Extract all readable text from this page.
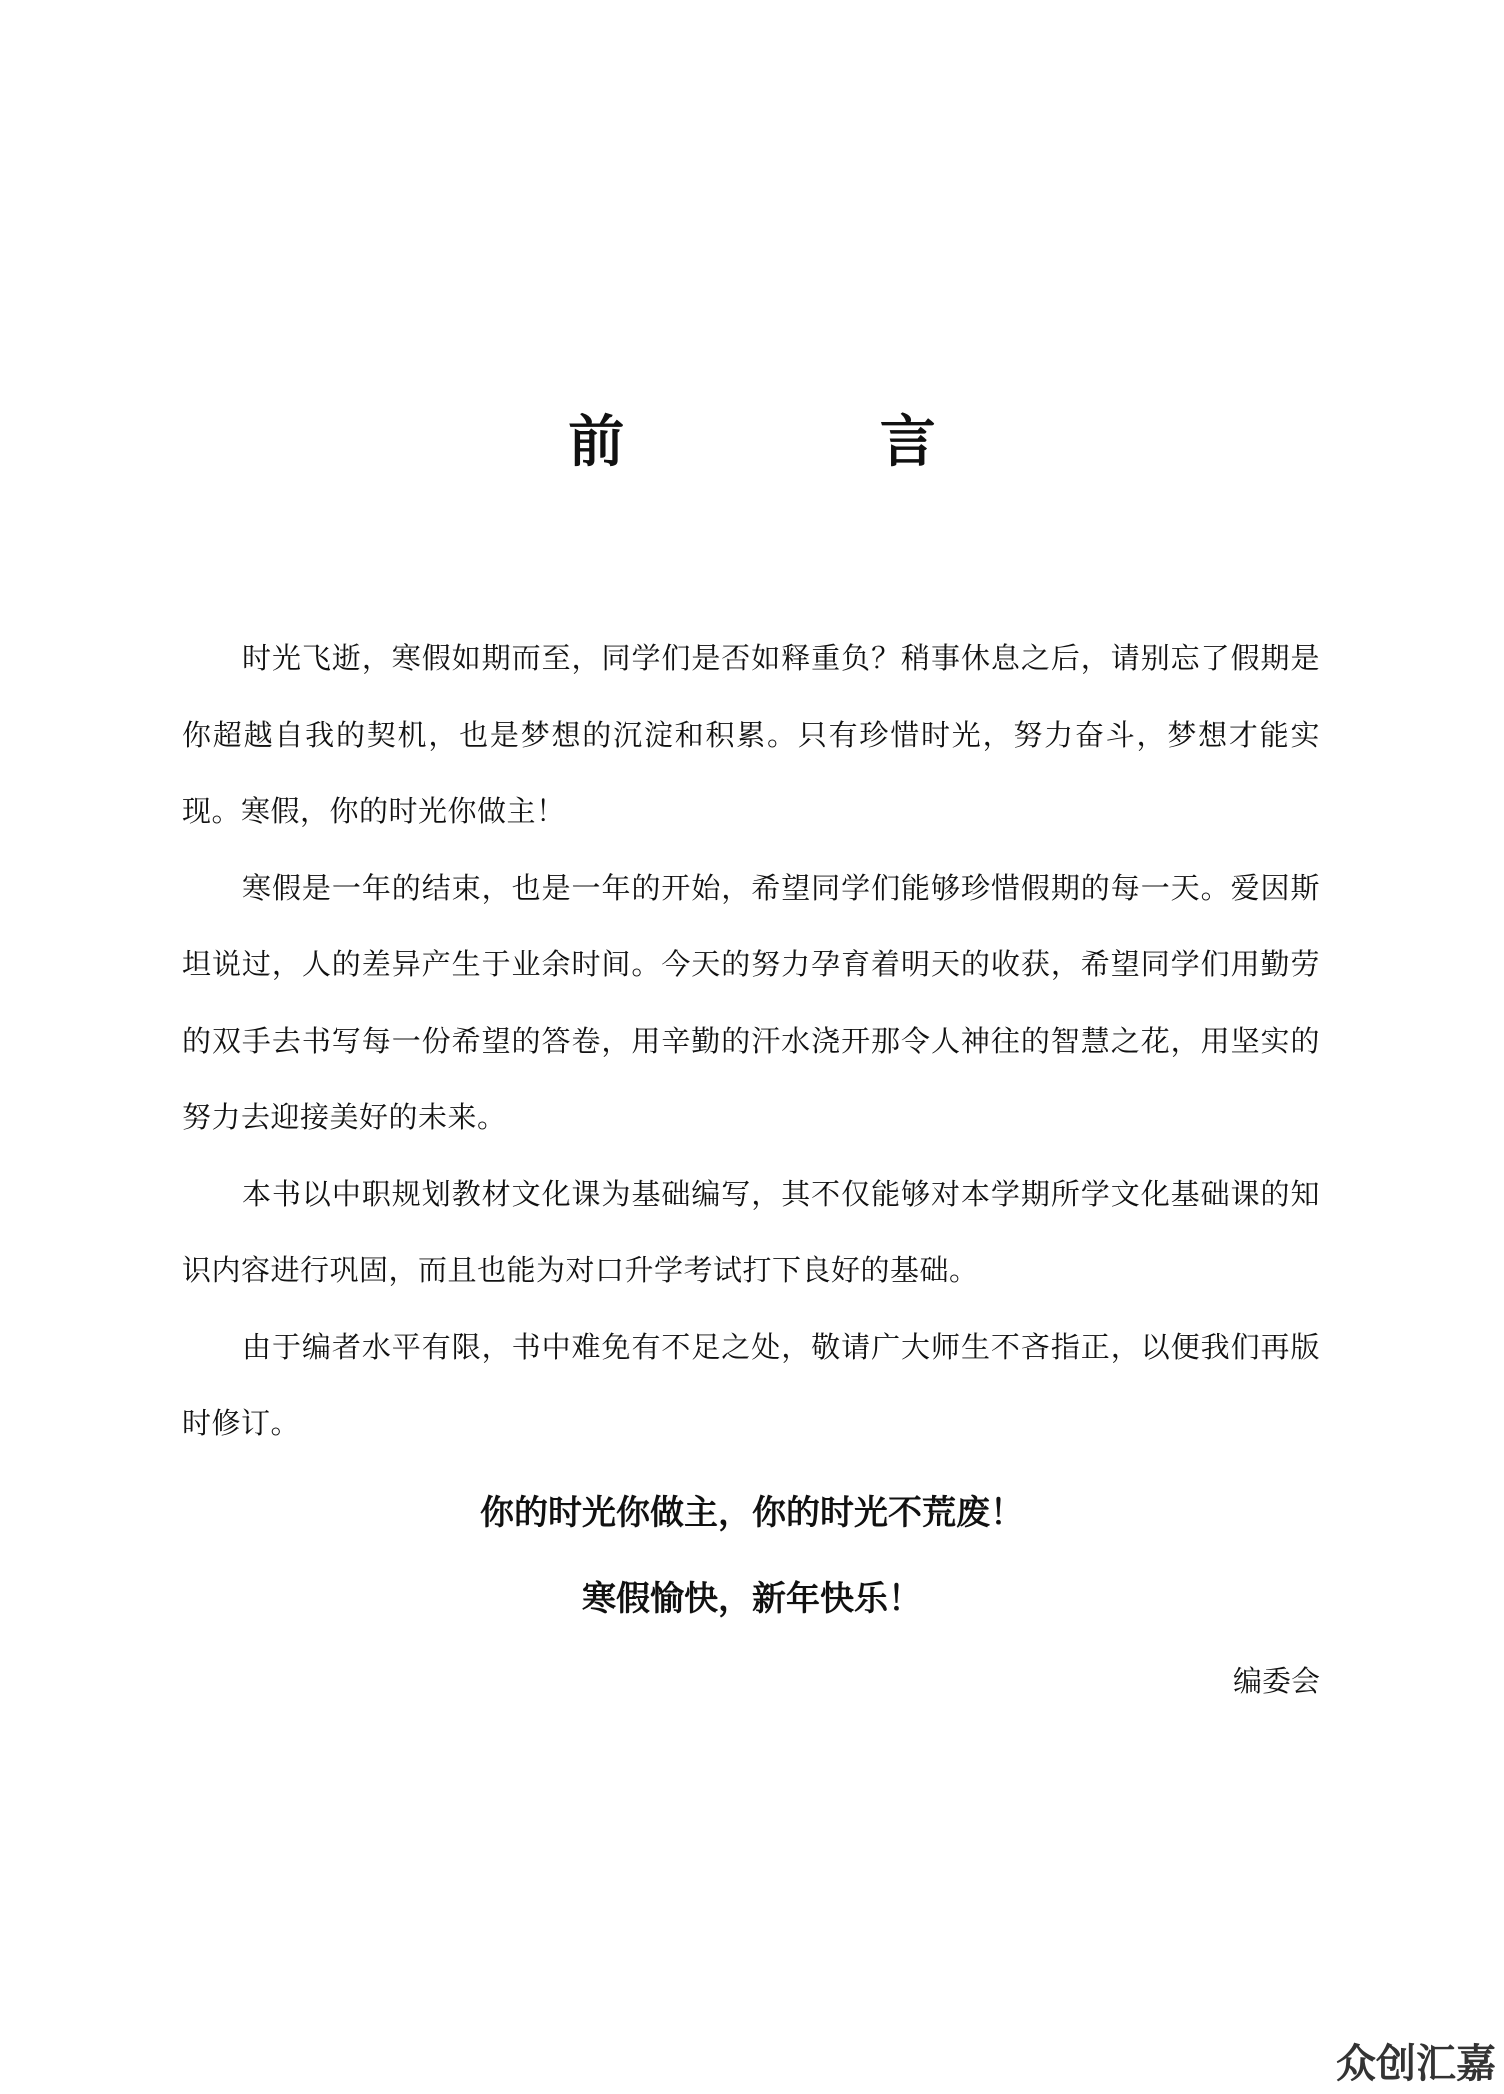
前 言

时光飞逝，寒假如期而至，同学们是否如释重负？稍事休息之后，请别忘了假期是你超越自我的契机，也是梦想的沉淀和积累。只有珍惜时光，努力奋斗，梦想才能实现。寒假，你的时光你做主！

寒假是一年的结束，也是一年的开始，希望同学们能够珍惜假期的每一天。爱因斯坦说过，人的差异产生于业余时间。今天的努力孕育着明天的收获，希望同学们用勤劳的双手去书写每一份希望的答卷，用辛勤的汗水浇开那令人神往的智慧之花，用坚实的努力去迎接美好的未来。

本书以中职规划教材文化课为基础编写，其不仅能够对本学期所学文化基础课的知识内容进行巩固，而且也能为对口升学考试打下良好的基础。

由于编者水平有限，书中难免有不足之处，敬请广大师生不吝指正，以便我们再版时修订。

你的时光你做主，你的时光不荒废！

寒假愉快，新年快乐！

编委会
众创汇嘉
